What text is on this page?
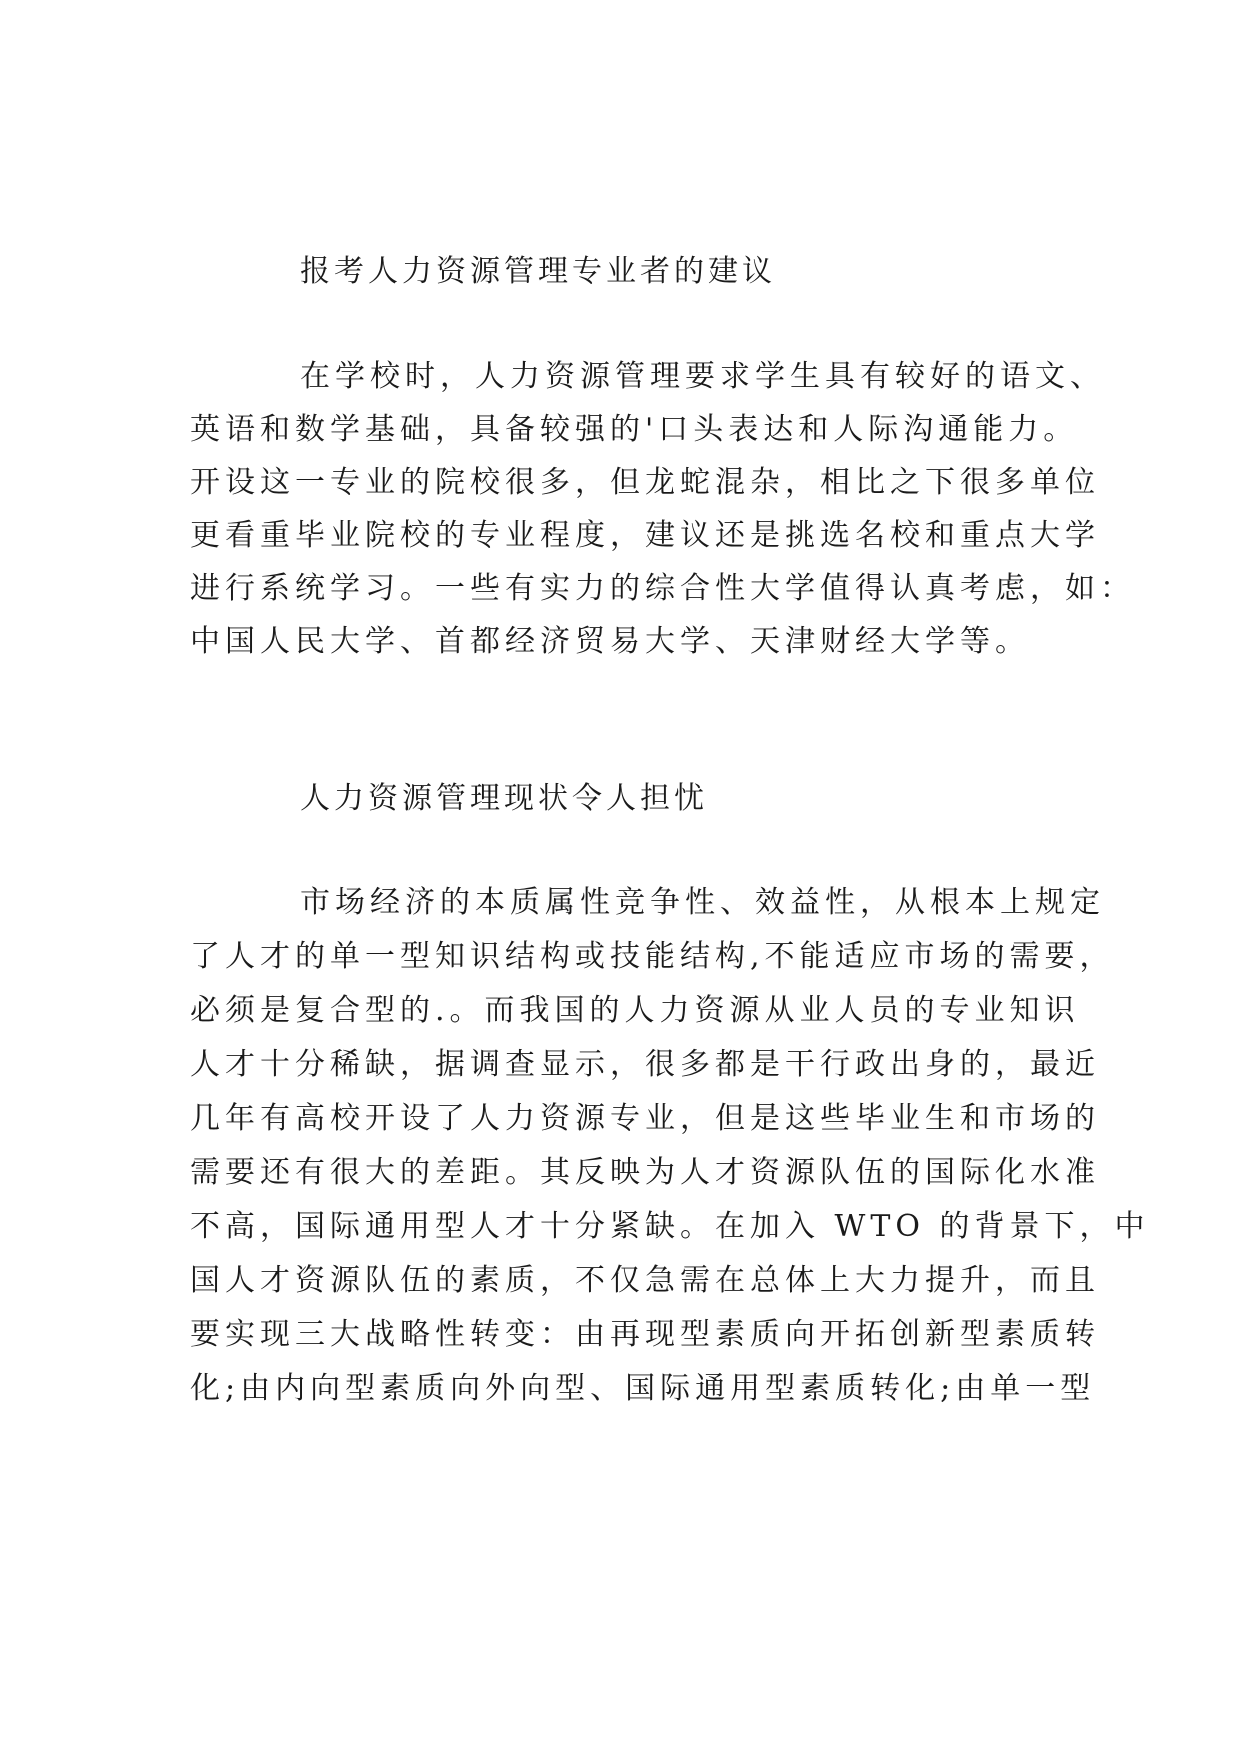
报考人力资源管理专业者的建议
在学校时，人力资源管理要求学生具有较好的语文、
英语和数学基础，具备较强的'口头表达和人际沟通能力。
开设这一专业的院校很多，但龙蛇混杂，相比之下很多单位
更看重毕业院校的专业程度，建议还是挑选名校和重点大学
进行系统学习。一些有实力的综合性大学值得认真考虑，如：
中国人民大学、首都经济贸易大学、天津财经大学等。
人力资源管理现状令人担忧
市场经济的本质属性竞争性、效益性，从根本上规定
了人才的单一型知识结构或技能结构,不能适应市场的需要，
必须是复合型的.。而我国的人力资源从业人员的专业知识
人才十分稀缺，据调查显示，很多都是干行政出身的，最近
几年有高校开设了人力资源专业，但是这些毕业生和市场的
需要还有很大的差距。其反映为人才资源队伍的国际化水准
不高，国际通用型人才十分紧缺。在加入 WTO 的背景下，中
国人才资源队伍的素质，不仅急需在总体上大力提升，而且
要实现三大战略性转变：由再现型素质向开拓创新型素质转
化;由内向型素质向外向型、国际通用型素质转化;由单一型
